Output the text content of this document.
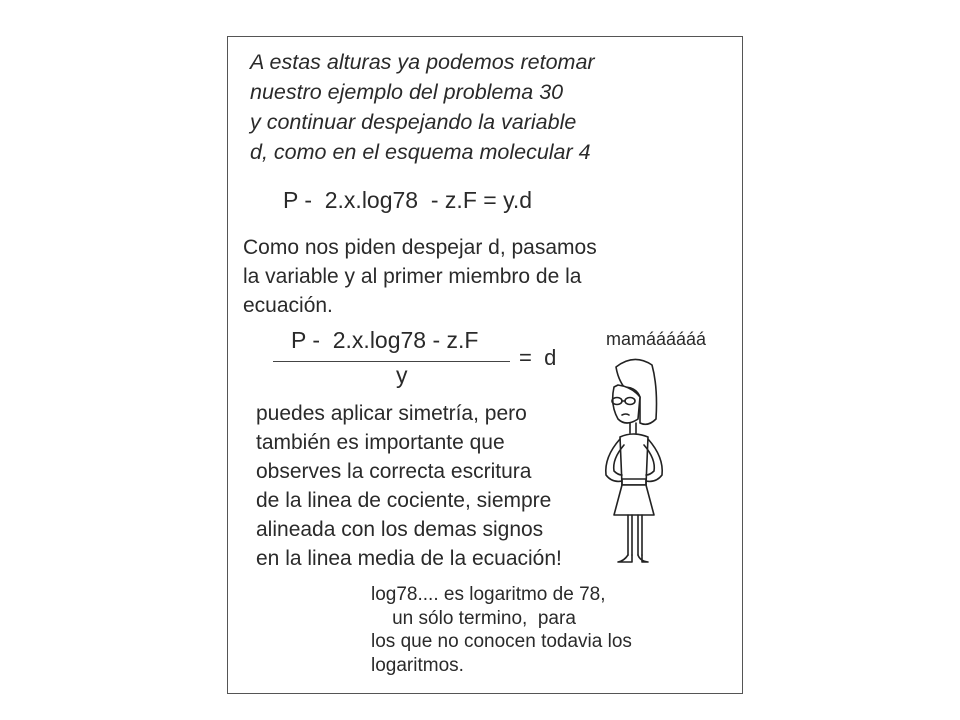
A estas alturas ya podemos retomar
nuestro ejemplo del problema 30
y continuar despejando la variable
d, como en el esquema molecular 4
P -  2.x.log78  - z.F = y.d
Como nos piden despejar d, pasamos
la variable y al primer miembro de la
ecuación.
P -  2.x.log78 - z.F
y
=  d
mamáááááá
puedes aplicar simetría, pero
también es importante que
observes la correcta escritura
de la linea de cociente, siempre
alineada con los demas signos
en la linea media de la ecuación!
log78.... es logaritmo de 78,
un sólo termino,  para
los que no conocen todavia los
logaritmos.
